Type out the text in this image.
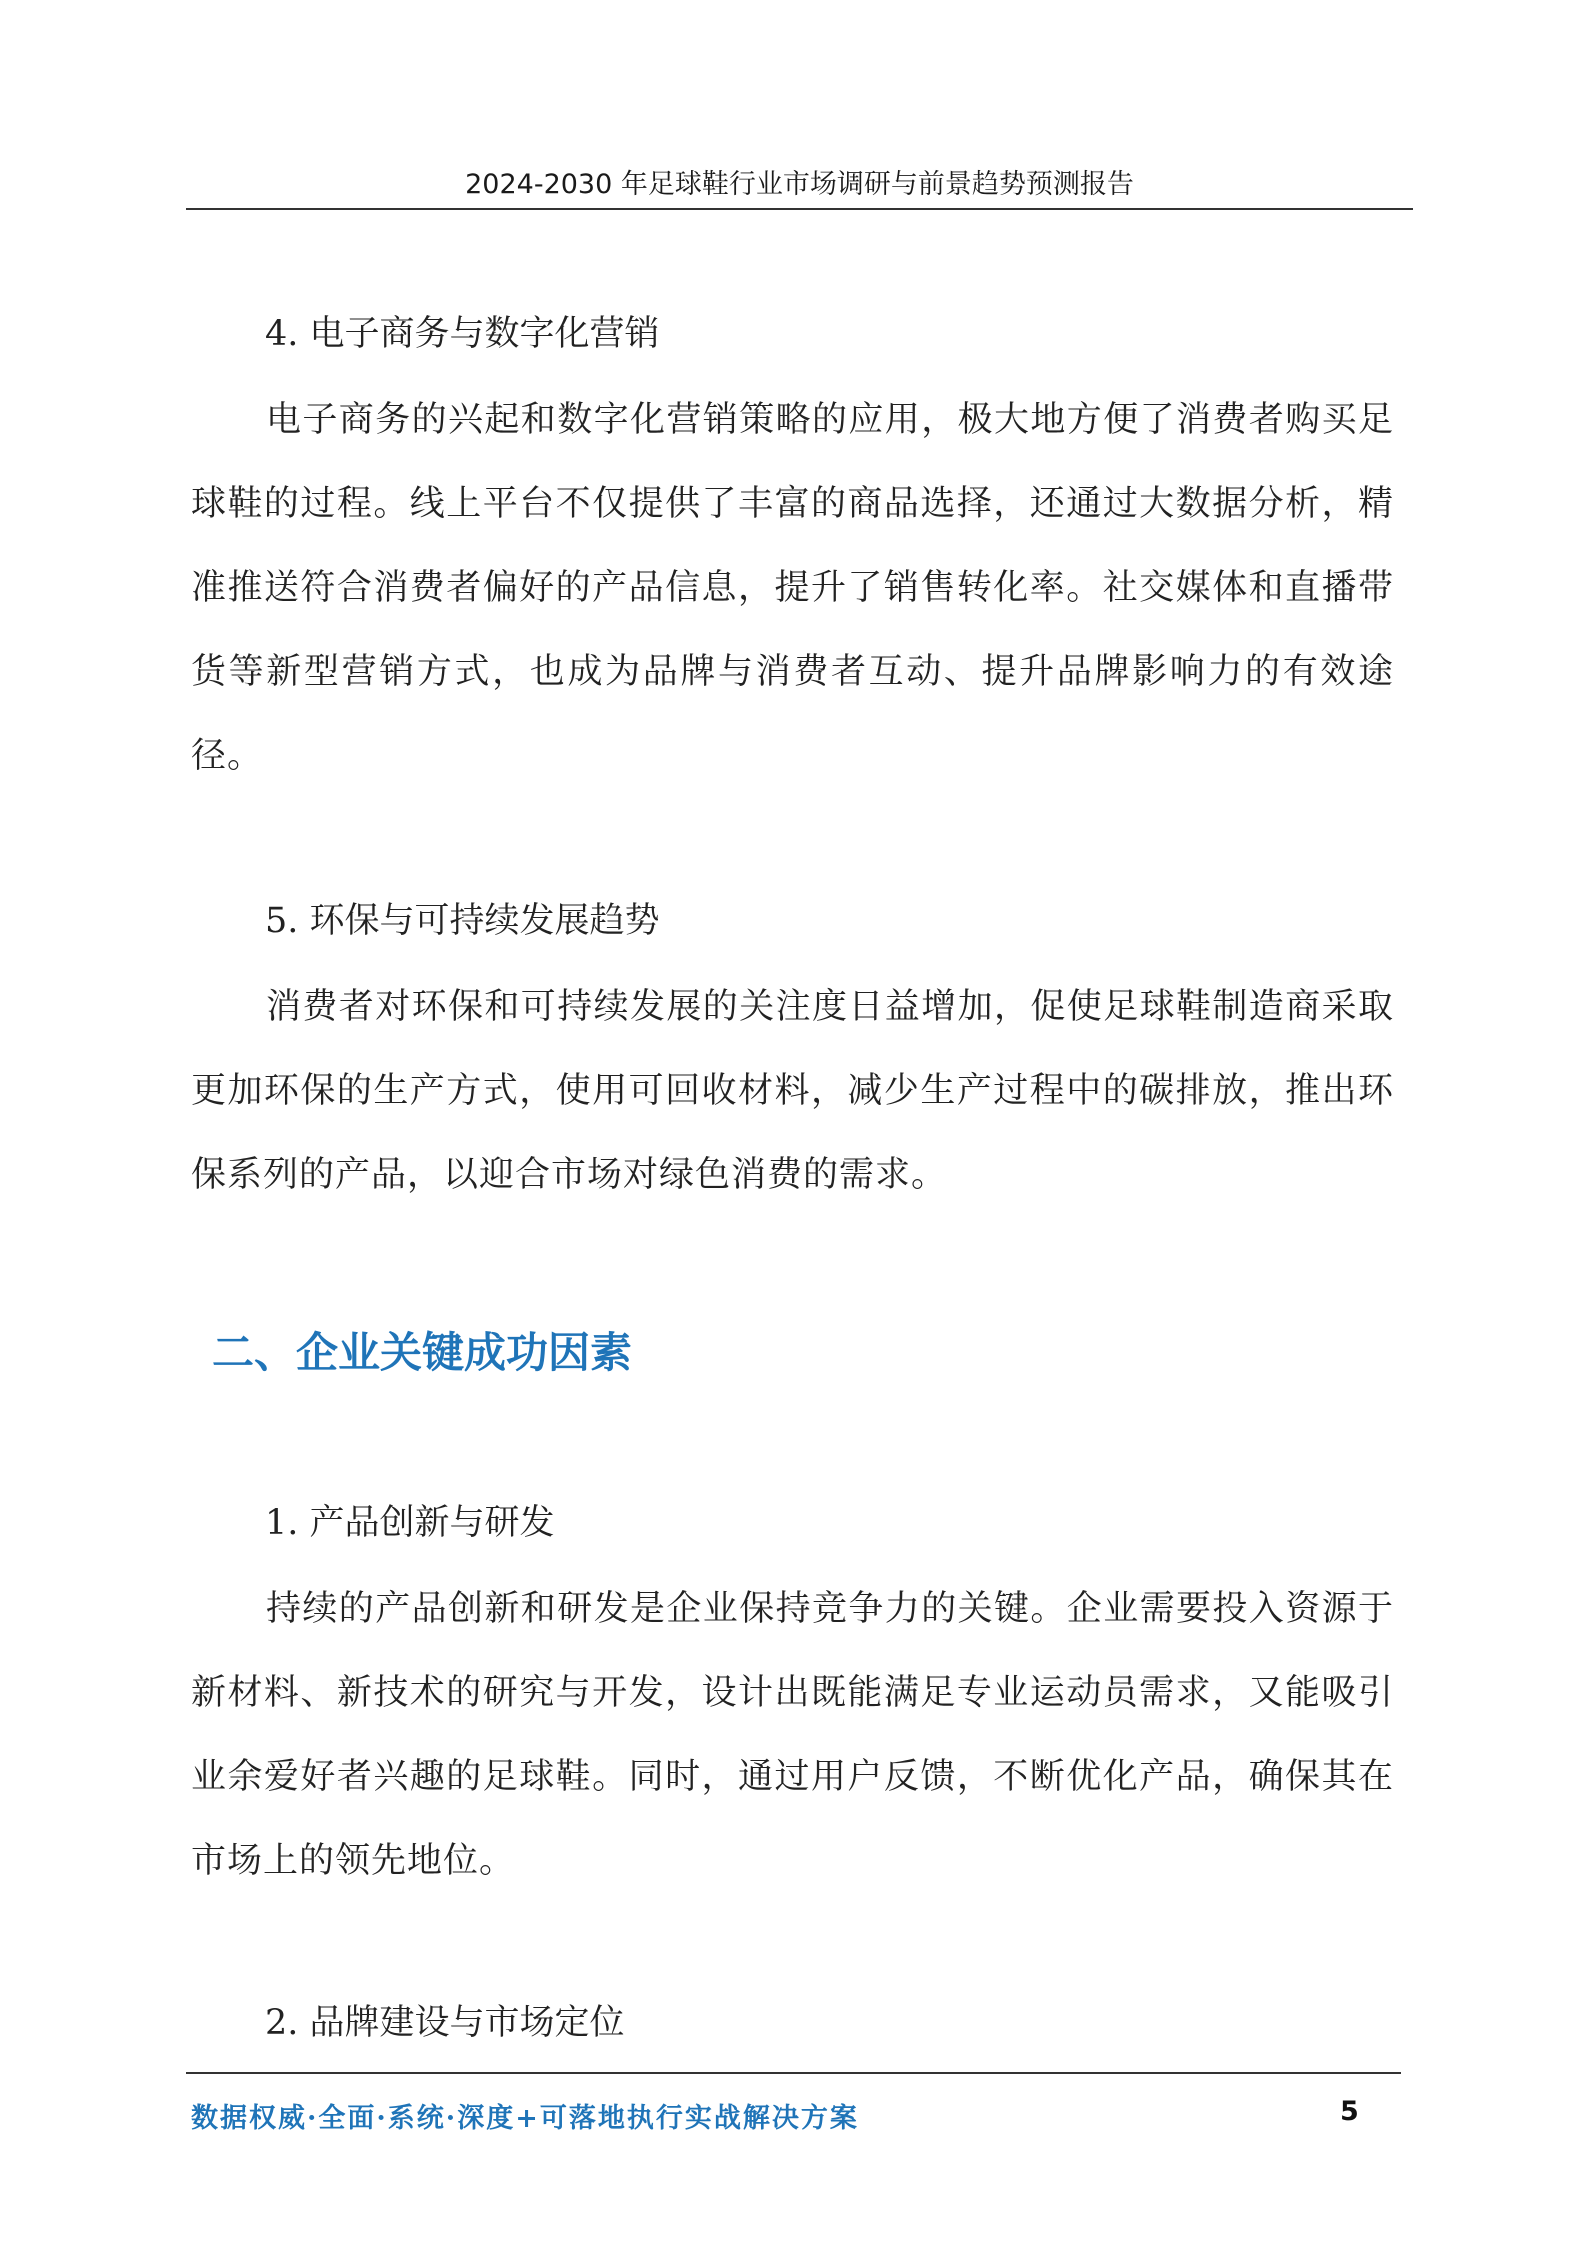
2024-2030 年足球鞋行业市场调研与前景趋势预测报告
4. 电子商务与数字化营销

电子商务的兴起和数字化营销策略的应用，极大地方便了消费者购买足球鞋的过程。线上平台不仅提供了丰富的商品选择，还通过大数据分析，精准推送符合消费者偏好的产品信息，提升了销售转化率。社交媒体和直播带货等新型营销方式，也成为品牌与消费者互动、提升品牌影响力的有效途径。

5. 环保与可持续发展趋势

消费者对环保和可持续发展的关注度日益增加，促使足球鞋制造商采取更加环保的生产方式，使用可回收材料，减少生产过程中的碳排放，推出环保系列的产品，以迎合市场对绿色消费的需求。

二、企业关键成功因素
1. 产品创新与研发

持续的产品创新和研发是企业保持竞争力的关键。企业需要投入资源于新材料、新技术的研究与开发，设计出既能满足专业运动员需求，又能吸引业余爱好者兴趣的足球鞋。同时，通过用户反馈，不断优化产品，确保其在市场上的领先地位。

2. 品牌建设与市场定位
数据权威·全面·系统·深度+可落地执行实战解决方案	5
